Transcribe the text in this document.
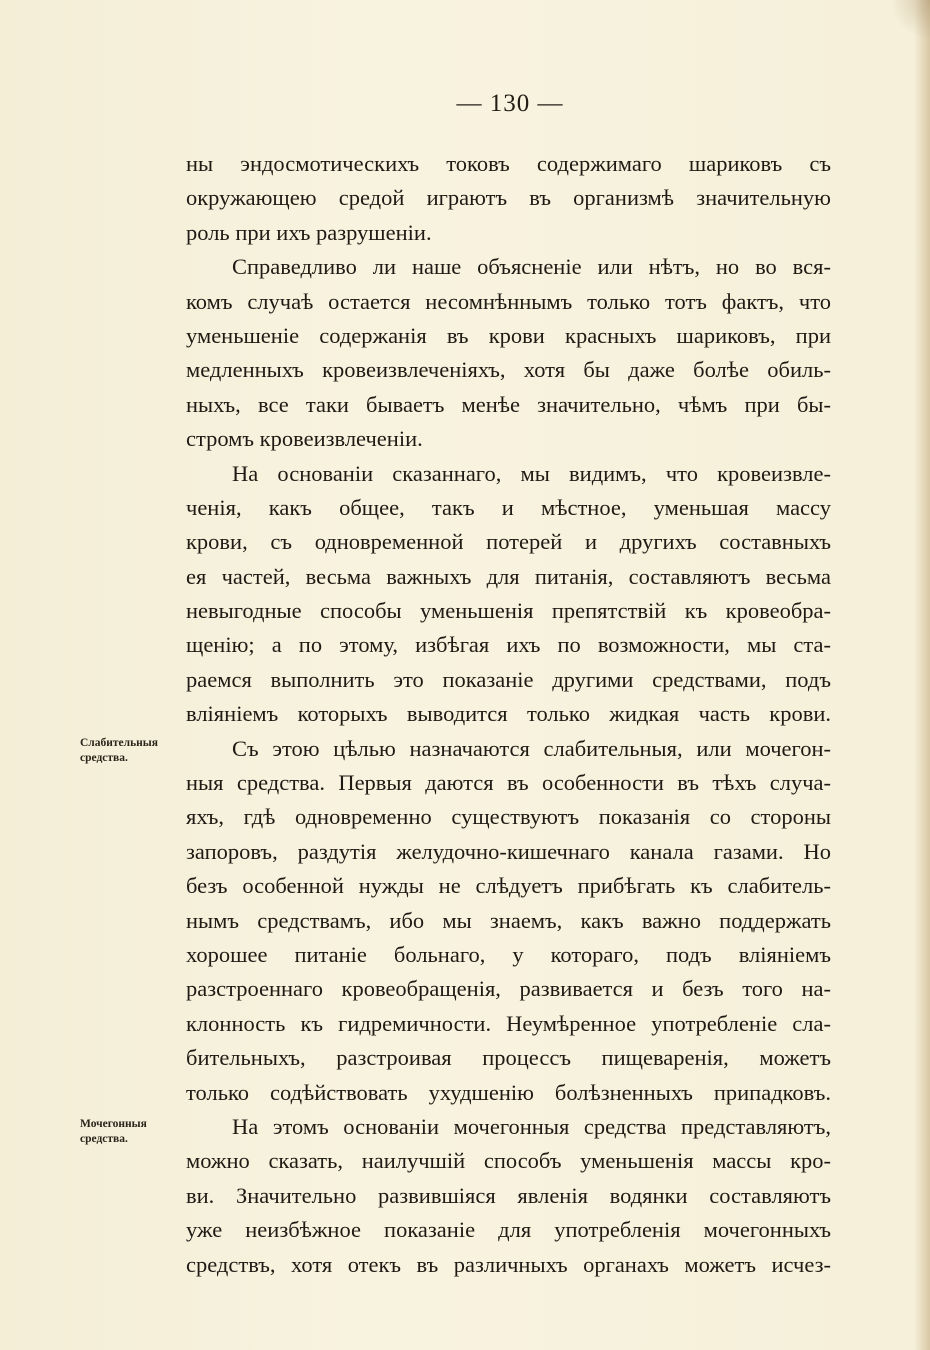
— 130 —
Слабительныя
средства.
Мочегонныя
средства.
ны эндосмотическихъ токовъ содержимаго шариковъ съ
окружающею средой играютъ въ организмѣ значительную
роль при ихъ разрушеніи.
Справедливо ли наше объясненіе или нѣтъ, но во вся-
комъ случаѣ остается несомнѣннымъ только тотъ фактъ, что
уменьшеніе содержанія въ крови красныхъ шариковъ, при
медленныхъ кровеизвлеченіяхъ, хотя бы даже болѣе обиль-
ныхъ, все таки бываетъ менѣе значительно, чѣмъ при бы-
стромъ кровеизвлеченіи.
На основаніи сказаннаго, мы видимъ, что кровеизвле-
ченія, какъ общее, такъ и мѣстное, уменьшая массу
крови, съ одновременной потерей и другихъ составныхъ
ея частей, весьма важныхъ для питанія, составляютъ весьма
невыгодные способы уменьшенія препятствій къ кровеобра-
щенію; а по этому, избѣгая ихъ по возможности, мы ста-
раемся выполнить это показаніе другими средствами, подъ
вліяніемъ которыхъ выводится только жидкая часть крови.
Съ этою цѣлью назначаются слабительныя, или мочегон-
ныя средства. Первыя даются въ особенности въ тѣхъ случа-
яхъ, гдѣ одновременно существуютъ показанія со стороны
запоровъ, раздутія желудочно-кишечнаго канала газами. Но
безъ особенной нужды не слѣдуетъ прибѣгать къ слабитель-
нымъ средствамъ, ибо мы знаемъ, какъ важно поддержать
хорошее питаніе больнаго, у котораго, подъ вліяніемъ
разстроеннаго кровеобращенія, развивается и безъ того на-
клонность къ гидремичности. Неумѣренное употребленіе сла-
бительныхъ, разстроивая процессъ пищеваренія, можетъ
только содѣйствовать ухудшенію болѣзненныхъ припадковъ.
На этомъ основаніи мочегонныя средства представляютъ,
можно сказать, наилучшій способъ уменьшенія массы кро-
ви. Значительно развившіяся явленія водянки составляютъ
уже неизбѣжное показаніе для употребленія мочегонныхъ
средствъ, хотя отекъ въ различныхъ органахъ можетъ исчез-
